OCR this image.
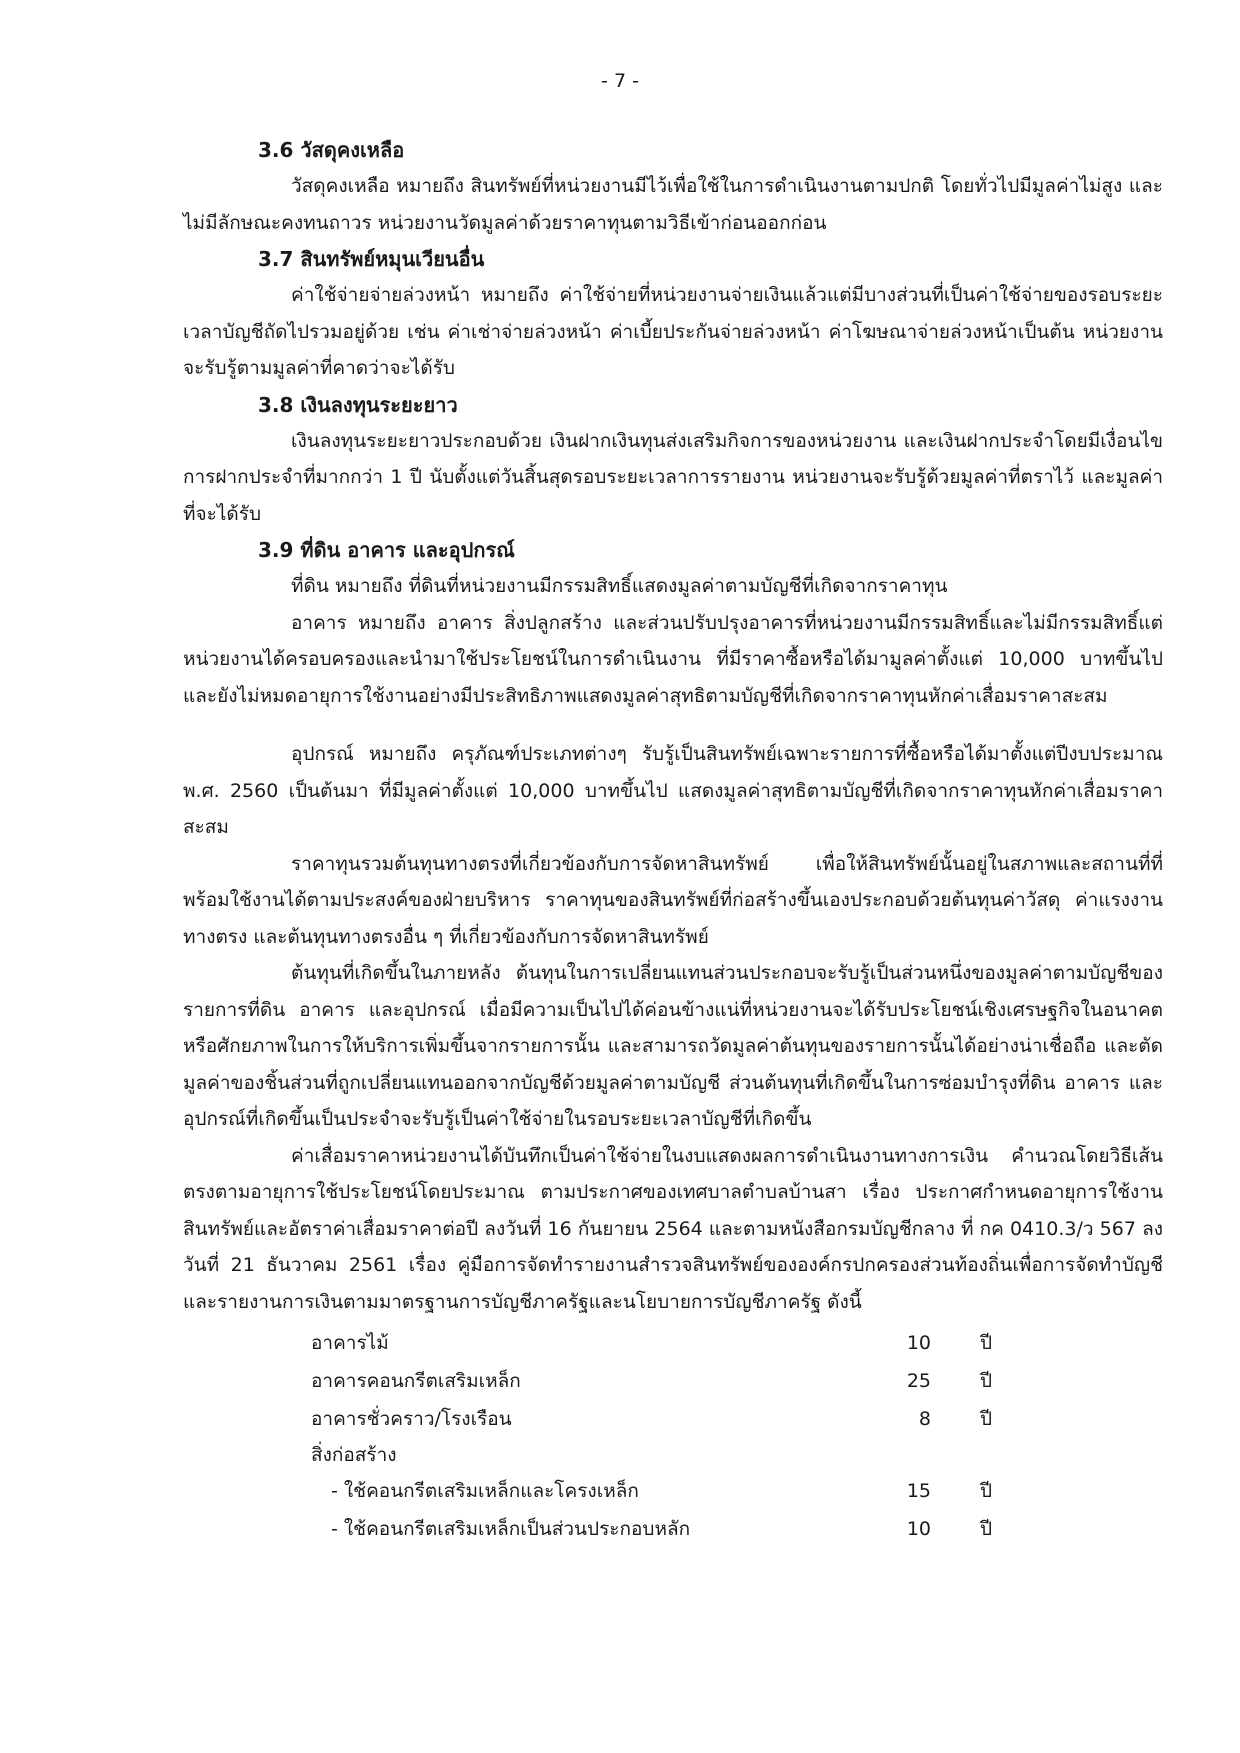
- 7 -
3.6 วัสดุคงเหลือ

วัสดุคงเหลือ หมายถึง สินทรัพย์ที่หน่วยงานมีไว้เพื่อใช้ในการดำเนินงานตามปกติ โดยทั่วไปมีมูลค่าไม่สูง และไม่มีลักษณะคงทนถาวร หน่วยงานวัดมูลค่าด้วยราคาทุนตามวิธีเข้าก่อนออกก่อน

3.7 สินทรัพย์หมุนเวียนอื่น

ค่าใช้จ่ายจ่ายล่วงหน้า หมายถึง ค่าใช้จ่ายที่หน่วยงานจ่ายเงินแล้วแต่มีบางส่วนที่เป็นค่าใช้จ่ายของรอบระยะเวลาบัญชีถัดไปรวมอยู่ด้วย เช่น ค่าเช่าจ่ายล่วงหน้า ค่าเบี้ยประกันจ่ายล่วงหน้า ค่าโฆษณาจ่ายล่วงหน้าเป็นต้น หน่วยงานจะรับรู้ตามมูลค่าที่คาดว่าจะได้รับ

3.8 เงินลงทุนระยะยาว

เงินลงทุนระยะยาวประกอบด้วย เงินฝากเงินทุนส่งเสริมกิจการของหน่วยงาน และเงินฝากประจำโดยมีเงื่อนไขการฝากประจำที่มากกว่า 1 ปี นับตั้งแต่วันสิ้นสุดรอบระยะเวลาการรายงาน หน่วยงานจะรับรู้ด้วยมูลค่าที่ตราไว้ และมูลค่าที่จะได้รับ

3.9 ที่ดิน อาคาร และอุปกรณ์

ที่ดิน หมายถึง ที่ดินที่หน่วยงานมีกรรมสิทธิ์แสดงมูลค่าตามบัญชีที่เกิดจากราคาทุน

อาคาร หมายถึง อาคาร สิ่งปลูกสร้าง และส่วนปรับปรุงอาคารที่หน่วยงานมีกรรมสิทธิ์และไม่มีกรรมสิทธิ์แต่หน่วยงานได้ครอบครองและนำมาใช้ประโยชน์ในการดำเนินงาน ที่มีราคาซื้อหรือได้มามูลค่าตั้งแต่ 10,000 บาทขึ้นไป และยังไม่หมดอายุการใช้งานอย่างมีประสิทธิภาพแสดงมูลค่าสุทธิตามบัญชีที่เกิดจากราคาทุนหักค่าเสื่อมราคาสะสม

อุปกรณ์ หมายถึง ครุภัณฑ์ประเภทต่างๆ รับรู้เป็นสินทรัพย์เฉพาะรายการที่ซื้อหรือได้มาตั้งแต่ปีงบประมาณ พ.ศ. 2560 เป็นต้นมา ที่มีมูลค่าตั้งแต่ 10,000 บาทขึ้นไป แสดงมูลค่าสุทธิตามบัญชีที่เกิดจากราคาทุนหักค่าเสื่อมราคาสะสม

ราคาทุนรวมต้นทุนทางตรงที่เกี่ยวข้องกับการจัดหาสินทรัพย์ เพื่อให้สินทรัพย์นั้นอยู่ในสภาพและสถานที่ที่พร้อมใช้งานได้ตามประสงค์ของฝ่ายบริหาร ราคาทุนของสินทรัพย์ที่ก่อสร้างขึ้นเองประกอบด้วยต้นทุนค่าวัสดุ ค่าแรงงานทางตรง และต้นทุนทางตรงอื่น ๆ ที่เกี่ยวข้องกับการจัดหาสินทรัพย์

ต้นทุนที่เกิดขึ้นในภายหลัง ต้นทุนในการเปลี่ยนแทนส่วนประกอบจะรับรู้เป็นส่วนหนึ่งของมูลค่าตามบัญชีของรายการที่ดิน อาคาร และอุปกรณ์ เมื่อมีความเป็นไปได้ค่อนข้างแน่ที่หน่วยงานจะได้รับประโยชน์เชิงเศรษฐกิจในอนาคตหรือศักยภาพในการให้บริการเพิ่มขึ้นจากรายการนั้น และสามารถวัดมูลค่าต้นทุนของรายการนั้นได้อย่างน่าเชื่อถือ และตัดมูลค่าของชิ้นส่วนที่ถูกเปลี่ยนแทนออกจากบัญชีด้วยมูลค่าตามบัญชี ส่วนต้นทุนที่เกิดขึ้นในการซ่อมบำรุงที่ดิน อาคาร และอุปกรณ์ที่เกิดขึ้นเป็นประจำจะรับรู้เป็นค่าใช้จ่ายในรอบระยะเวลาบัญชีที่เกิดขึ้น

ค่าเสื่อมราคาหน่วยงานได้บันทึกเป็นค่าใช้จ่ายในงบแสดงผลการดำเนินงานทางการเงิน คำนวณโดยวิธีเส้นตรงตามอายุการใช้ประโยชน์โดยประมาณ ตามประกาศของเทศบาลตำบลบ้านสา เรื่อง ประกาศกำหนดอายุการใช้งานสินทรัพย์และอัตราค่าเสื่อมราคาต่อปี ลงวันที่ 16 กันยายน 2564 และตามหนังสือกรมบัญชีกลาง ที่ กค 0410.3/ว 567 ลงวันที่ 21 ธันวาคม 2561 เรื่อง คู่มือการจัดทำรายงานสำรวจสินทรัพย์ขององค์กรปกครองส่วนท้องถิ่นเพื่อการจัดทำบัญชีและรายงานการเงินตามมาตรฐานการบัญชีภาครัฐและนโยบายการบัญชีภาครัฐ ดังนี้

อาคารไม้	10	ปี
อาคารคอนกรีตเสริมเหล็ก	25	ปี
อาคารชั่วคราว/โรงเรือน	8	ปี
สิ่งก่อสร้าง
- ใช้คอนกรีตเสริมเหล็กและโครงเหล็ก	15	ปี
- ใช้คอนกรีตเสริมเหล็กเป็นส่วนประกอบหลัก	10	ปี
